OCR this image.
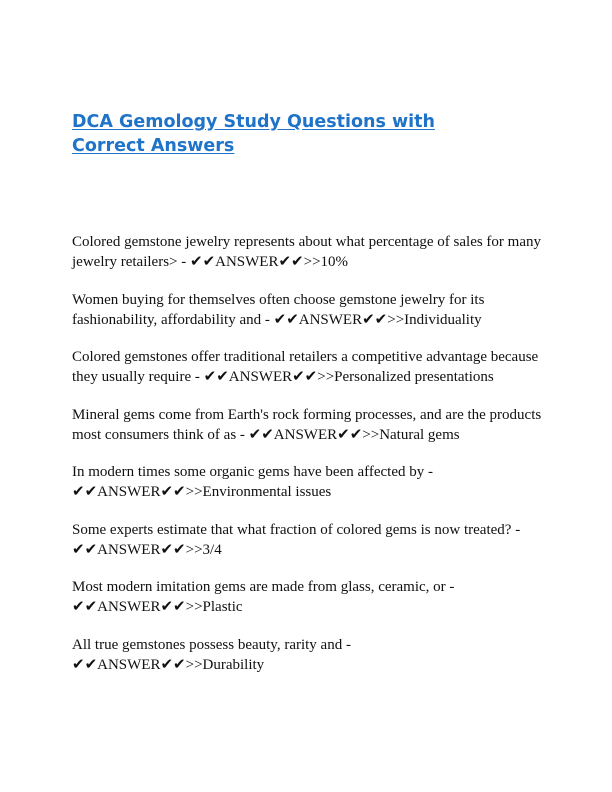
DCA Gemology Study Questions with Correct Answers
Colored gemstone jewelry represents about what percentage of sales for many jewelry retailers> - ✔✔ANSWER✔✔>>10%
Women buying for themselves often choose gemstone jewelry for its fashionability, affordability and - ✔✔ANSWER✔✔>>Individuality
Colored gemstones offer traditional retailers a competitive advantage because they usually require - ✔✔ANSWER✔✔>>Personalized presentations
Mineral gems come from Earth's rock forming processes, and are the products most consumers think of as - ✔✔ANSWER✔✔>>Natural gems
In modern times some organic gems have been affected by - ✔✔ANSWER✔✔>>Environmental issues
Some experts estimate that what fraction of colored gems is now treated? - ✔✔ANSWER✔✔>>3/4
Most modern imitation gems are made from glass, ceramic, or - ✔✔ANSWER✔✔>>Plastic
All true gemstones possess beauty, rarity and - ✔✔ANSWER✔✔>>Durability
